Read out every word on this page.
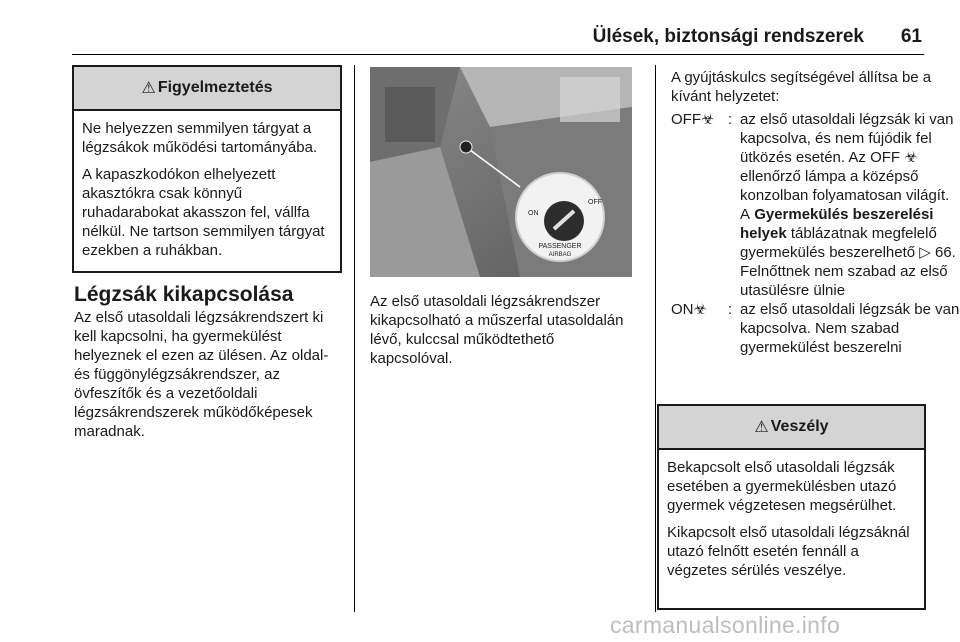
Ülések, biztonsági rendszerek 61
⚠ Figyelmeztetés

Ne helyezzen semmilyen tárgyat a légzsákok működési tartományába.

A kapaszkodókon elhelyezett akasztókra csak könnyű ruhadarabokat akasszon fel, vállfa nélkül. Ne tartson semmilyen tárgyat ezekben a ruhákban.

Légzsák kikapcsolása

Az első utasoldali légzsákrendszert ki kell kapcsolni, ha gyermekülést helyeznek el ezen az ülésen. Az oldal- és függönylégzsákrendszer, az övfeszítők és a vezetőoldali légzsákrendszerek működőképesek maradnak.

ON
OFF
PASSENGER
AIRBAG

Az első utasoldali légzsákrendszer kikapcsolható a műszerfal utasoldalán lévő, kulccsal működtethető kapcsolóval.

A gyújtáskulcs segítségével állítsa be a kívánt helyzetet:

OFF☣ : az első utasoldali légzsák ki van kapcsolva, és nem fújódik fel ütközés esetén. Az OFF ☣ ellenőrző lámpa a középső konzolban folyamatosan világít. A Gyermekülés beszerelési helyek táblázatnak megfelelő gyermekülés beszerelhető ▷ 66.
Felnőttnek nem szabad az első utasülésre ülnie
ON☣	: az első utasoldali légzsák be van kapcsolva. Nem szabad gyermekülést beszerelni
⚠ Veszély

Bekapcsolt első utasoldali légzsák esetében a gyermekülésben utazó gyermek végzetesen megsérülhet.

Kikapcsolt első utasoldali légzsáknál utazó felnőtt esetén fennáll a végzetes sérülés veszélye.

carmanualsonline.info
